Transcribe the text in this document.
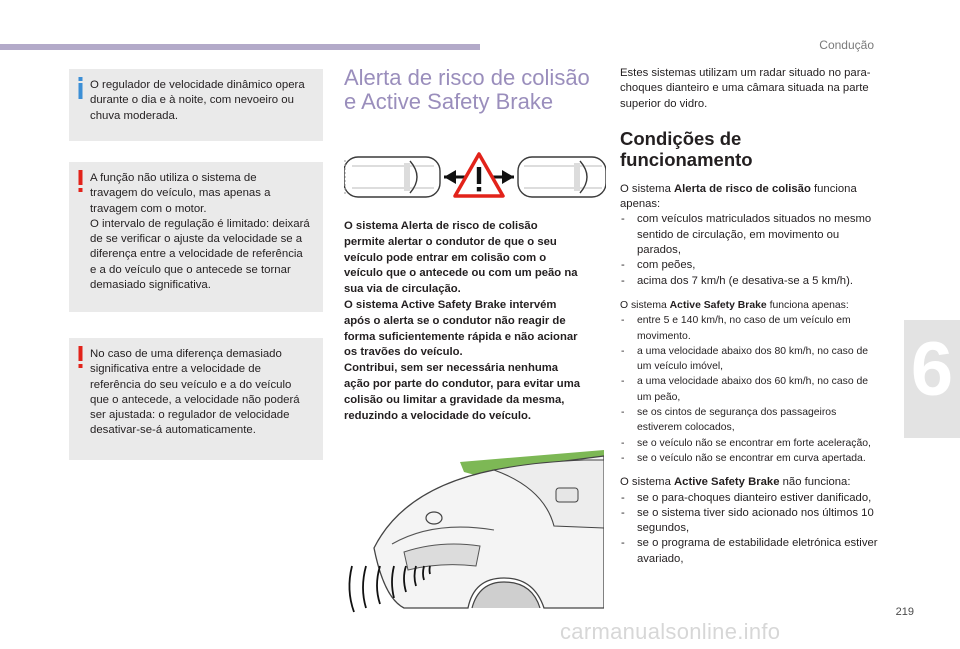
Condução
6

O regulador de velocidade dinâmico opera
durante o dia e à noite, com nevoeiro ou
chuva moderada.

A função não utiliza o sistema de
travagem do veículo, mas apenas a
travagem com o motor.
O intervalo de regulação é limitado: deixará
de se verificar o ajuste da velocidade se a
diferença entre a velocidade de referência
e a do veículo que o antecede se tornar
demasiado significativa.

No caso de uma diferença demasiado
significativa entre a velocidade de
referência do seu veículo e a do veículo
que o antecede, a velocidade não poderá
ser ajustada: o regulador de velocidade
desativar-se-á automaticamente.

Alerta de risco de colisão
e Active Safety Brake
O sistema Alerta de risco de colisão
permite alertar o condutor de que o seu
veículo pode entrar em colisão com o
veículo que o antecede ou com um peão na
sua via de circulação.
O sistema Active Safety Brake intervém
após o alerta se o condutor não reagir de
forma suficientemente rápida e não acionar
os travões do veículo.
Contribui, sem ser necessária nenhuma
ação por parte do condutor, para evitar uma
colisão ou limitar a gravidade da mesma,
reduzindo a velocidade do veículo.

Estes sistemas utilizam um radar situado no para-choques dianteiro e uma câmara situada na parte superior do vidro.

Condições de
funcionamento
O sistema Alerta de risco de colisão funciona apenas:
- com veículos matriculados situados no mesmo sentido de circulação, em movimento ou parados,
- com peões,
- acima dos 7 km/h (e desativa-se a 5 km/h).
O sistema Active Safety Brake funciona apenas:
- entre 5 e 140 km/h, no caso de um veículo em movimento.
- a uma velocidade abaixo dos 80 km/h, no caso de um veículo imóvel,
- a uma velocidade abaixo dos 60 km/h, no caso de um peão,
- se os cintos de segurança dos passageiros estiverem colocados,
- se o veículo não se encontrar em forte aceleração,
- se o veículo não se encontrar em curva apertada.
O sistema Active Safety Brake não funciona:
- se o para-choques dianteiro estiver danificado,
- se o sistema tiver sido acionado nos últimos 10 segundos,
- se o programa de estabilidade eletrónica estiver avariado,
219
carmanualsonline.info
